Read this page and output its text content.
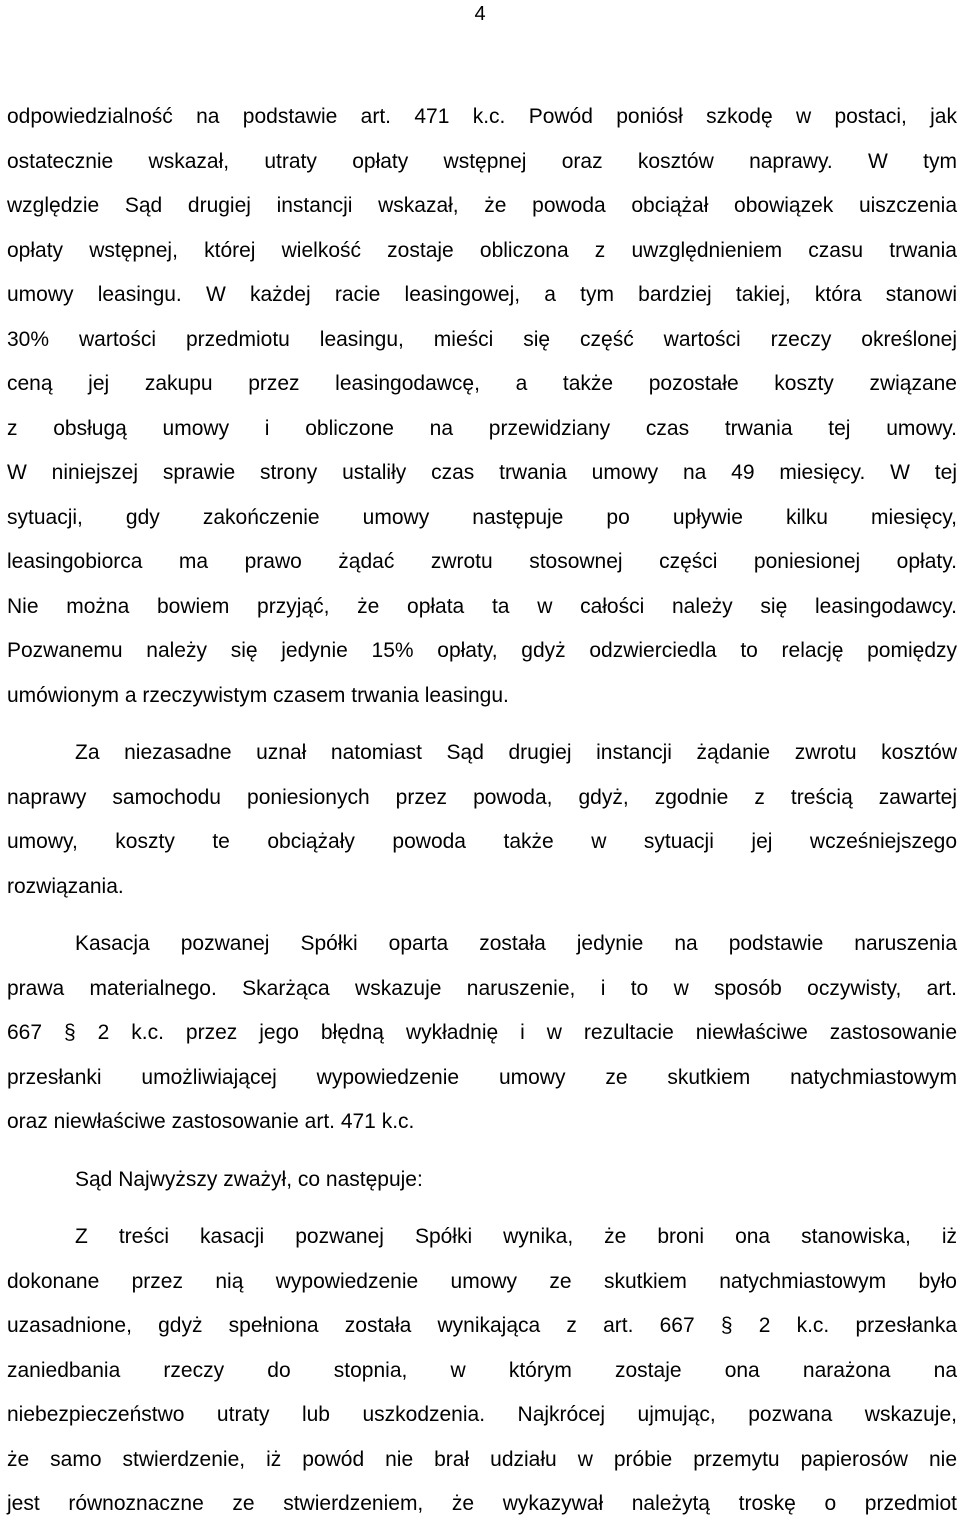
4

odpowiedzialność na podstawie art. 471 k.c. Powód poniósł szkodę w postaci, jak
ostatecznie wskazał, utraty opłaty wstępnej oraz kosztów naprawy. W tym
względzie Sąd drugiej instancji wskazał, że powoda obciążał obowiązek uiszczenia
opłaty wstępnej, której wielkość zostaje obliczona z uwzględnieniem czasu trwania
umowy leasingu. W każdej racie leasingowej, a tym bardziej takiej, która stanowi
30% wartości przedmiotu leasingu, mieści się część wartości rzeczy określonej
ceną jej zakupu przez leasingodawcę, a także pozostałe koszty związane
z obsługą umowy i obliczone na przewidziany czas trwania tej umowy.
W niniejszej sprawie strony ustaliły czas trwania umowy na 49 miesięcy. W tej
sytuacji, gdy zakończenie umowy następuje po upływie kilku miesięcy,
leasingobiorca ma prawo żądać zwrotu stosownej części poniesionej opłaty.
Nie można bowiem przyjąć, że opłata ta w całości należy się leasingodawcy.
Pozwanemu należy się jedynie 15% opłaty, gdyż odzwierciedla to relację pomiędzy
umówionym a rzeczywistym czasem trwania leasingu.

Za niezasadne uznał natomiast Sąd drugiej instancji żądanie zwrotu kosztów
naprawy samochodu poniesionych przez powoda, gdyż, zgodnie z treścią zawartej
umowy, koszty te obciążały powoda także w sytuacji jej wcześniejszego
rozwiązania.

Kasacja pozwanej Spółki oparta została jedynie na podstawie naruszenia
prawa materialnego. Skarżąca wskazuje naruszenie, i to w sposób oczywisty, art.
667 § 2 k.c. przez jego błędną wykładnię i w rezultacie niewłaściwe zastosowanie
przesłanki umożliwiającej wypowiedzenie umowy ze skutkiem natychmiastowym
oraz niewłaściwe zastosowanie art. 471 k.c.

Sąd Najwyższy zważył, co następuje:

Z treści kasacji pozwanej Spółki wynika, że broni ona stanowiska, iż
dokonane przez nią wypowiedzenie umowy ze skutkiem natychmiastowym było
uzasadnione, gdyż spełniona została wynikająca z art. 667 § 2 k.c. przesłanka
zaniedbania rzeczy do stopnia, w którym zostaje ona narażona na
niebezpieczeństwo utraty lub uszkodzenia. Najkrócej ujmując, pozwana wskazuje,
że samo stwierdzenie, iż powód nie brał udziału w próbie przemytu papierosów nie
jest równoznaczne ze stwierdzeniem, że wykazywał należytą troskę o przedmiot
